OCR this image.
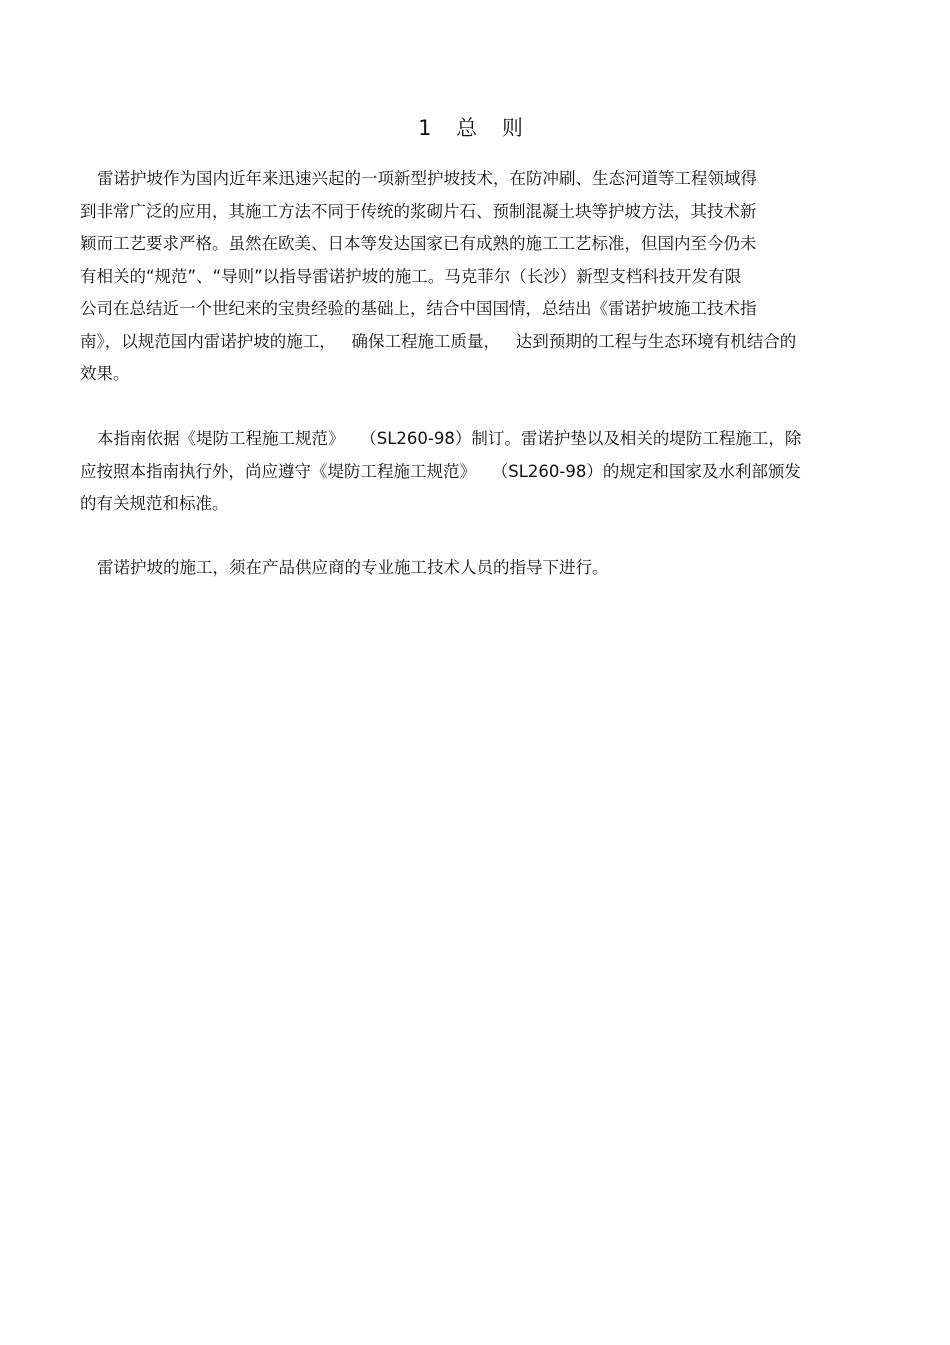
1 总 则
雷诺护坡作为国内近年来迅速兴起的一项新型护坡技术，在防冲刷、生态河道等工程领域得
到非常广泛的应用，其施工方法不同于传统的浆砌片石、预制混凝土块等护坡方法，其技术新
颖而工艺要求严格。虽然在欧美、日本等发达国家已有成熟的施工工艺标准，但国内至今仍未
有相关的“规范”、“导则”以指导雷诺护坡的施工。马克菲尔（长沙）新型支档科技开发有限
公司在总结近一个世纪来的宝贵经验的基础上，结合中国国情，总结出《雷诺护坡施工技术指
南》，以规范国内雷诺护坡的施工，   确保工程施工质量，   达到预期的工程与生态环境有机结合的
效果。
本指南依据《堤防工程施工规范》   （SL260-98）制订。雷诺护垫以及相关的堤防工程施工，除
应按照本指南执行外，尚应遵守《堤防工程施工规范》   （SL260-98）的规定和国家及水利部颁发
的有关规范和标准。
雷诺护坡的施工，须在产品供应商的专业施工技术人员的指导下进行。
